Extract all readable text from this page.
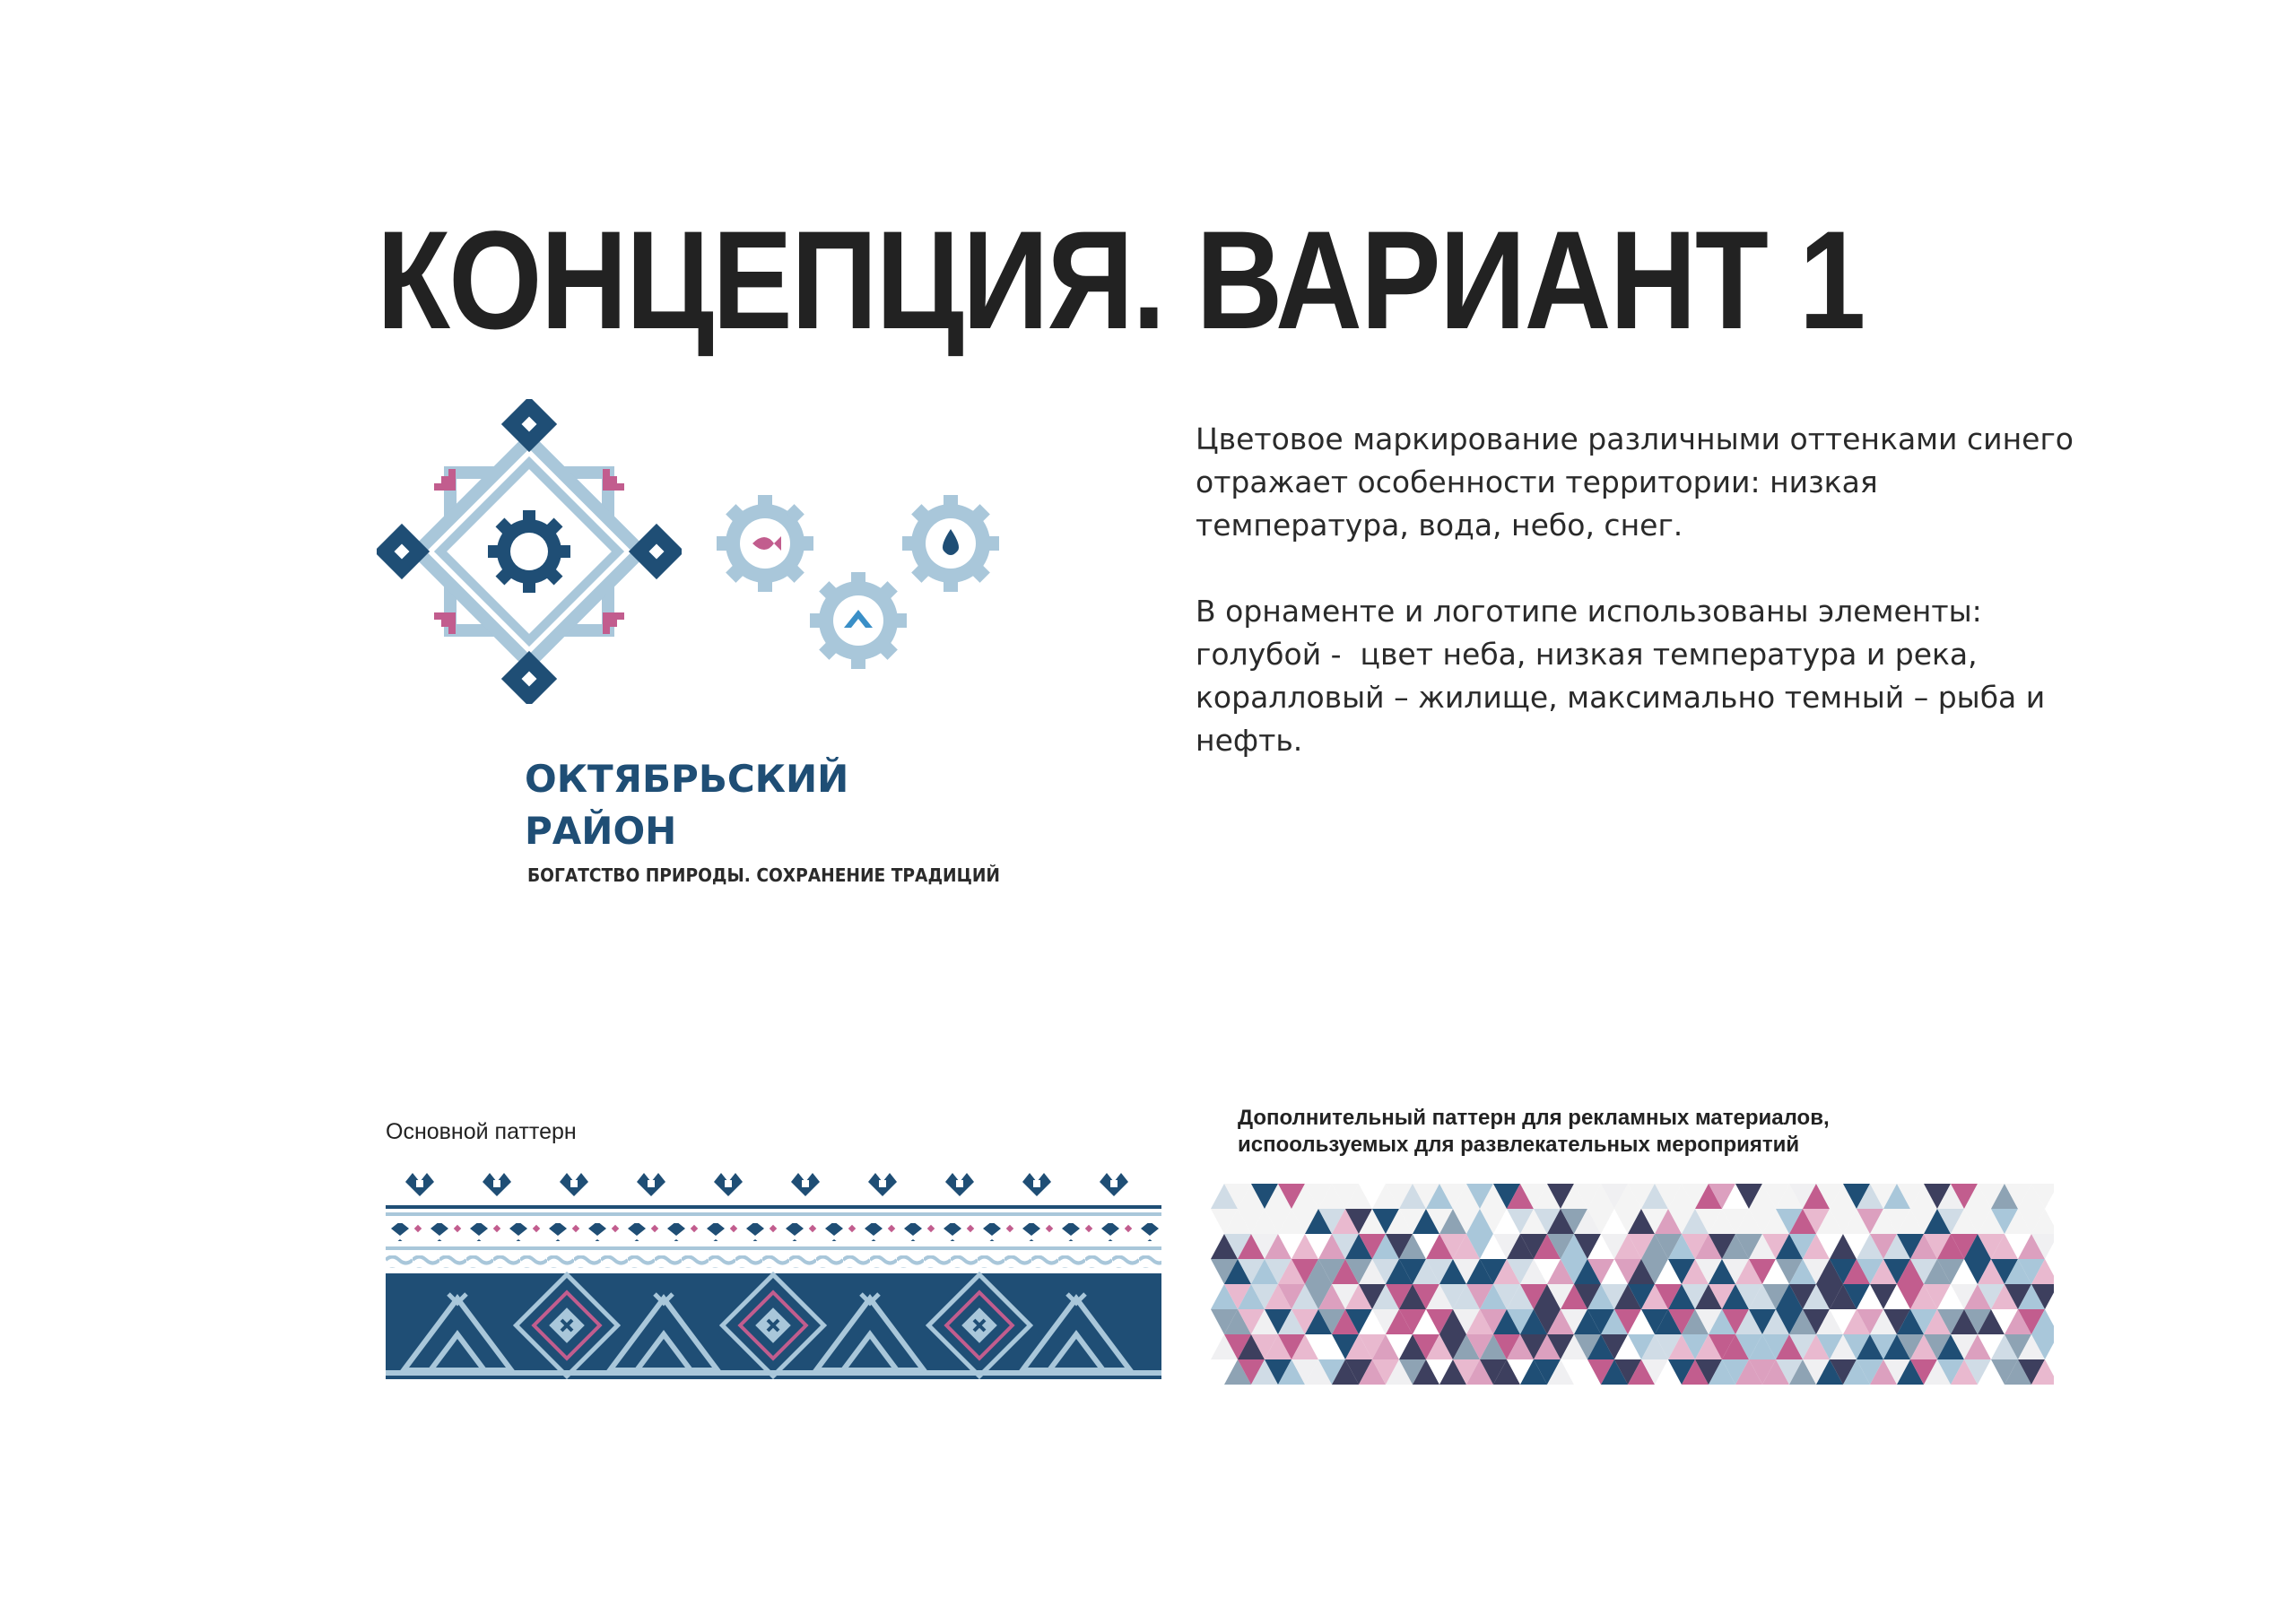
КОНЦЕПЦИЯ. ВАРИАНТ 1
ОКТЯБРЬСКИЙ
РАЙОН
БОГАТСТВО ПРИРОДЫ. СОХРАНЕНИЕ ТРАДИЦИЙ

Цветовое маркирование различными оттенками синего отражает особенности территории: низкая температура, вода, небо, снег.

В орнаменте и логотипе использованы элементы: голубой -  цвет неба, низкая температура и река, коралловый – жилище, максимально темный – рыба и нефть.

Основной паттерн
Дополнительный паттерн для рекламных материалов,
испоользуемых для развлекательных мероприятий
